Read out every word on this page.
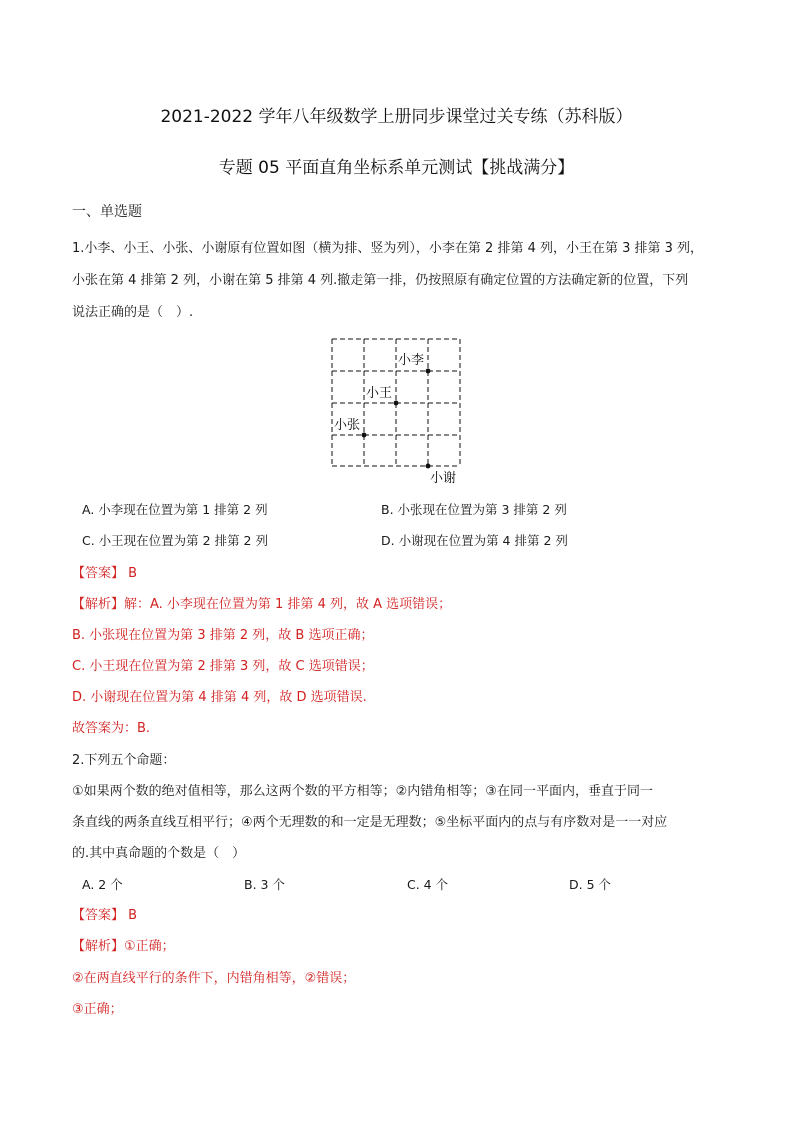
2021-2022 学年八年级数学上册同步课堂过关专练（苏科版）
专题 05 平面直角坐标系单元测试【挑战满分】
一、单选题
1.小李、小王、小张、小谢原有位置如图（横为排、竖为列），小李在第 2 排第 4 列，小王在第 3 排第 3 列，
小张在第 4 排第 2 列，小谢在第 5 排第 4 列.撤走第一排，仍按照原有确定位置的方法确定新的位置，下列
说法正确的是（　）.
小李
小王
小张
小谢
A. 小李现在位置为第 1 排第 2 列	B. 小张现在位置为第 3 排第 2 列
C. 小王现在位置为第 2 排第 2 列	D. 小谢现在位置为第 4 排第 2 列
【答案】 B
【解析】解：A. 小李现在位置为第 1 排第 4 列，故 A 选项错误；
B. 小张现在位置为第 3 排第 2 列，故 B 选项正确；
C. 小王现在位置为第 2 排第 3 列，故 C 选项错误；
D. 小谢现在位置为第 4 排第 4 列，故 D 选项错误.
故答案为：B.
2.下列五个命题：
①如果两个数的绝对值相等，那么这两个数的平方相等；②内错角相等；③在同一平面内，垂直于同一
条直线的两条直线互相平行；④两个无理数的和一定是无理数；⑤坐标平面内的点与有序数对是一一对应
的.其中真命题的个数是（　）
A. 2 个	B. 3 个	C. 4 个	D. 5 个
【答案】 B
【解析】①正确；
②在两直线平行的条件下，内错角相等，②错误；
③正确；
